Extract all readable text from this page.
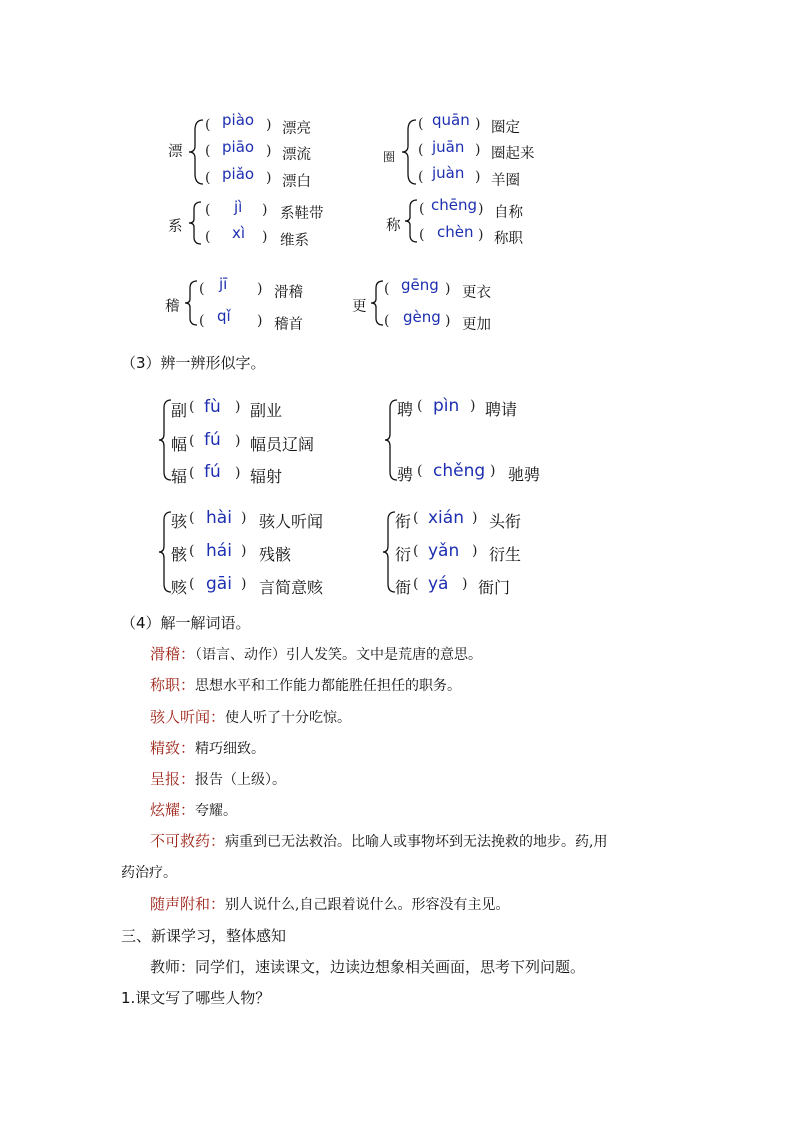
漂
( piào ) 漂亮
( piāo ) 漂流
( piǎo ) 漂白
圈
( quān ) 圈定
( juān ) 圈起来
( juàn ) 羊圈
系
( jì ) 系鞋带
( xì ) 维系
称
( chēng ) 自称
( chèn ) 称职
稽
( jī ) 滑稽
( qǐ ) 稽首
更
( gēng ) 更衣
( gèng ) 更加
（3）辨一辨形似字。
副 ( fù ) 副业
幅 ( fú ) 幅员辽阔
辐 ( fú ) 辐射
聘 ( pìn ) 聘请
骋 ( chěng ) 驰骋
骇 ( hài ) 骇人听闻
骸 ( hái ) 残骸
赅 ( gāi ) 言简意赅
衔 ( xián ) 头衔
衍 ( yǎn ) 衍生
衙 ( yá ) 衙门
（4）解一解词语。
滑稽：（语言、动作）引人发笑。文中是荒唐的意思。
称职：思想水平和工作能力都能胜任担任的职务。
骇人听闻：使人听了十分吃惊。
精致：精巧细致。
呈报：报告（上级）。
炫耀：夸耀。
不可救药：病重到已无法救治。比喻人或事物坏到无法挽救的地步。药,用
药治疗。
随声附和：别人说什么,自己跟着说什么。形容没有主见。
三、新课学习，整体感知
教师：同学们，速读课文，边读边想象相关画面，思考下列问题。
1.课文写了哪些人物？
